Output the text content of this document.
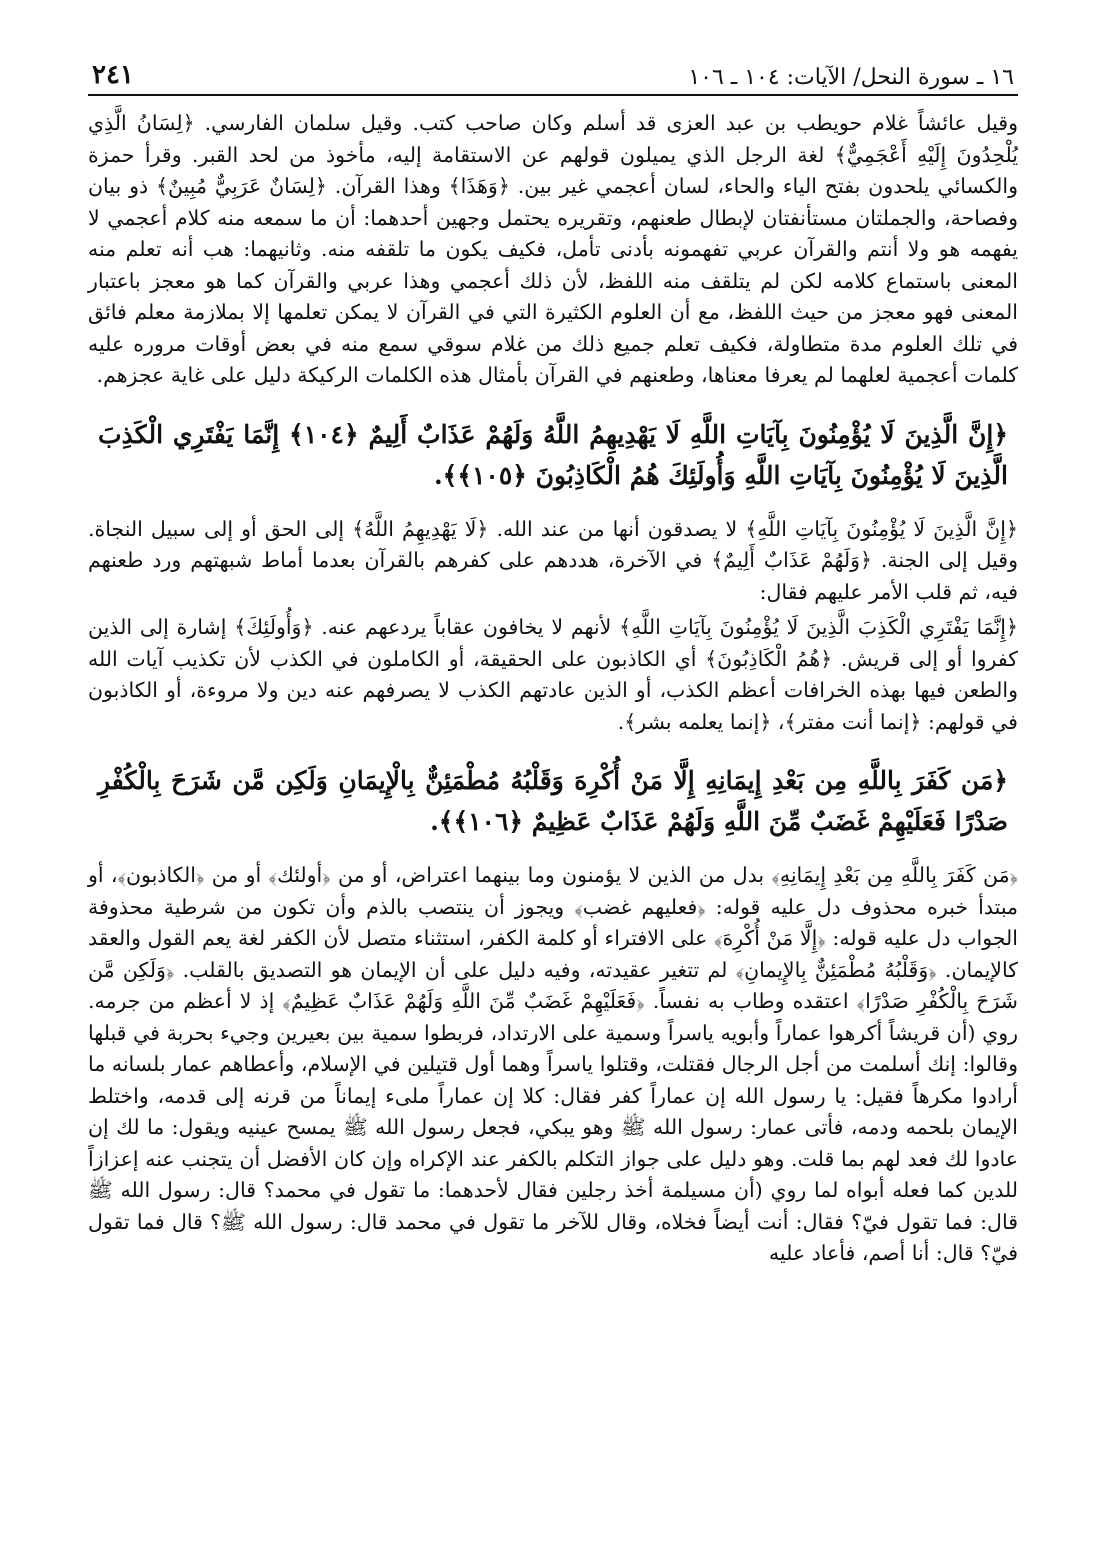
١٦ ـ سورة النحل/ الآيات: ١٠٤ ـ ١٠٦
٢٤١

وقيل عائشاً غلام حويطب بن عبد العزى قد أسلم وكان صاحب كتب. وقيل سلمان الفارسي. ﴿لِسَانُ الَّذِي يُلْحِدُونَ إِلَيْهِ أَعْجَمِيٌّ﴾ لغة الرجل الذي يميلون قولهم عن الاستقامة إليه، مأخوذ من لحد القبر. وقرأ حمزة والكسائي يلحدون بفتح الياء والحاء، لسان أعجمي غير بين. ﴿وَهَذَا﴾ وهذا القرآن. ﴿لِسَانٌ عَرَبِيٌّ مُبِينٌ﴾ ذو بيان وفصاحة، والجملتان مستأنفتان لإبطال طعنهم، وتقريره يحتمل وجهين أحدهما: أن ما سمعه منه كلام أعجمي لا يفهمه هو ولا أنتم والقرآن عربي تفهمونه بأدنى تأمل، فكيف يكون ما تلقفه منه. وثانيهما: هب أنه تعلم منه المعنى باستماع كلامه لكن لم يتلقف منه اللفظ، لأن ذلك أعجمي وهذا عربي والقرآن كما هو معجز باعتبار المعنى فهو معجز من حيث اللفظ، مع أن العلوم الكثيرة التي في القرآن لا يمكن تعلمها إلا بملازمة معلم فائق في تلك العلوم مدة متطاولة، فكيف تعلم جميع ذلك من غلام سوقي سمع منه في بعض أوقات مروره عليه كلمات أعجمية لعلهما لم يعرفا معناها، وطعنهم في القرآن بأمثال هذه الكلمات الركيكة دليل على غاية عجزهم.

﴿إِنَّ الَّذِينَ لَا يُؤْمِنُونَ بِآيَاتِ اللَّهِ لَا يَهْدِيهِمُ اللَّهُ وَلَهُمْ عَذَابٌ أَلِيمٌ ﴿١٠٤﴾ إِنَّمَا يَفْتَرِي الْكَذِبَ الَّذِينَ لَا يُؤْمِنُونَ بِآيَاتِ اللَّهِ وَأُولَئِكَ هُمُ الْكَاذِبُونَ ﴿١٠٥﴾﴾.

﴿إِنَّ الَّذِينَ لَا يُؤْمِنُونَ بِآيَاتِ اللَّهِ﴾ لا يصدقون أنها من عند الله. ﴿لَا يَهْدِيهِمُ اللَّهُ﴾ إلى الحق أو إلى سبيل النجاة. وقيل إلى الجنة. ﴿وَلَهُمْ عَذَابٌ أَلِيمٌ﴾ في الآخرة، هددهم على كفرهم بالقرآن بعدما أماط شبهتهم ورد طعنهم فيه، ثم قلب الأمر عليهم فقال:

﴿إِنَّمَا يَفْتَرِي الْكَذِبَ الَّذِينَ لَا يُؤْمِنُونَ بِآيَاتِ اللَّهِ﴾ لأنهم لا يخافون عقاباً يردعهم عنه. ﴿وَأُولَئِكَ﴾ إشارة إلى الذين كفروا أو إلى قريش. ﴿هُمُ الْكَاذِبُونَ﴾ أي الكاذبون على الحقيقة، أو الكاملون في الكذب لأن تكذيب آيات الله والطعن فيها بهذه الخرافات أعظم الكذب، أو الذين عادتهم الكذب لا يصرفهم عنه دين ولا مروءة، أو الكاذبون في قولهم: ﴿إنما أنت مفتر﴾، ﴿إنما يعلمه بشر﴾.

﴿مَن كَفَرَ بِاللَّهِ مِن بَعْدِ إِيمَانِهِ إِلَّا مَنْ أُكْرِهَ وَقَلْبُهُ مُطْمَئِنٌّ بِالْإِيمَانِ وَلَكِن مَّن شَرَحَ بِالْكُفْرِ صَدْرًا فَعَلَيْهِمْ غَضَبٌ مِّنَ اللَّهِ وَلَهُمْ عَذَابٌ عَظِيمٌ ﴿١٠٦﴾﴾.

﴿مَن كَفَرَ بِاللَّهِ مِن بَعْدِ إِيمَانِهِ﴾ بدل من الذين لا يؤمنون وما بينهما اعتراض، أو من ﴿أولئك﴾ أو من ﴿الكاذبون﴾، أو مبتدأ خبره محذوف دل عليه قوله: ﴿فعليهم غضب﴾ ويجوز أن ينتصب بالذم وأن تكون من شرطية محذوفة الجواب دل عليه قوله: ﴿إِلَّا مَنْ أُكْرِهَ﴾ على الافتراء أو كلمة الكفر، استثناء متصل لأن الكفر لغة يعم القول والعقد كالإيمان. ﴿وَقَلْبُهُ مُطْمَئِنٌّ بِالإِيمانِ﴾ لم تتغير عقيدته، وفيه دليل على أن الإيمان هو التصديق بالقلب. ﴿وَلَكِن مَّن شَرَحَ بِالْكُفْرِ صَدْرًا﴾ اعتقده وطاب به نفساً. ﴿فَعَلَيْهِمْ غَضَبٌ مِّنَ اللَّهِ وَلَهُمْ عَذَابٌ عَظِيمٌ﴾ إذ لا أعظم من جرمه. روي (أن قريشاً أكرهوا عماراً وأبويه ياسراً وسمية على الارتداد، فربطوا سمية بين بعيرين وجيء بحربة في قبلها وقالوا: إنك أسلمت من أجل الرجال فقتلت، وقتلوا ياسراً وهما أول قتيلين في الإسلام، وأعطاهم عمار بلسانه ما أرادوا مكرهاً فقيل: يا رسول الله إن عماراً كفر فقال: كلا إن عماراً ملىء إيماناً من قرنه إلى قدمه، واختلط الإيمان بلحمه ودمه، فأتى عمار: رسول الله ﷺ وهو يبكي، فجعل رسول الله ﷺ يمسح عينيه ويقول: ما لك إن عادوا لك فعد لهم بما قلت. وهو دليل على جواز التكلم بالكفر عند الإكراه وإن كان الأفضل أن يتجنب عنه إعزازاً للدين كما فعله أبواه لما روي (أن مسيلمة أخذ رجلين فقال لأحدهما: ما تقول في محمد؟ قال: رسول الله ﷺ قال: فما تقول فيّ؟ فقال: أنت أيضاً فخلاه، وقال للآخر ما تقول في محمد قال: رسول الله ﷺ؟ قال فما تقول فيّ؟ قال: أنا أصم، فأعاد عليه
